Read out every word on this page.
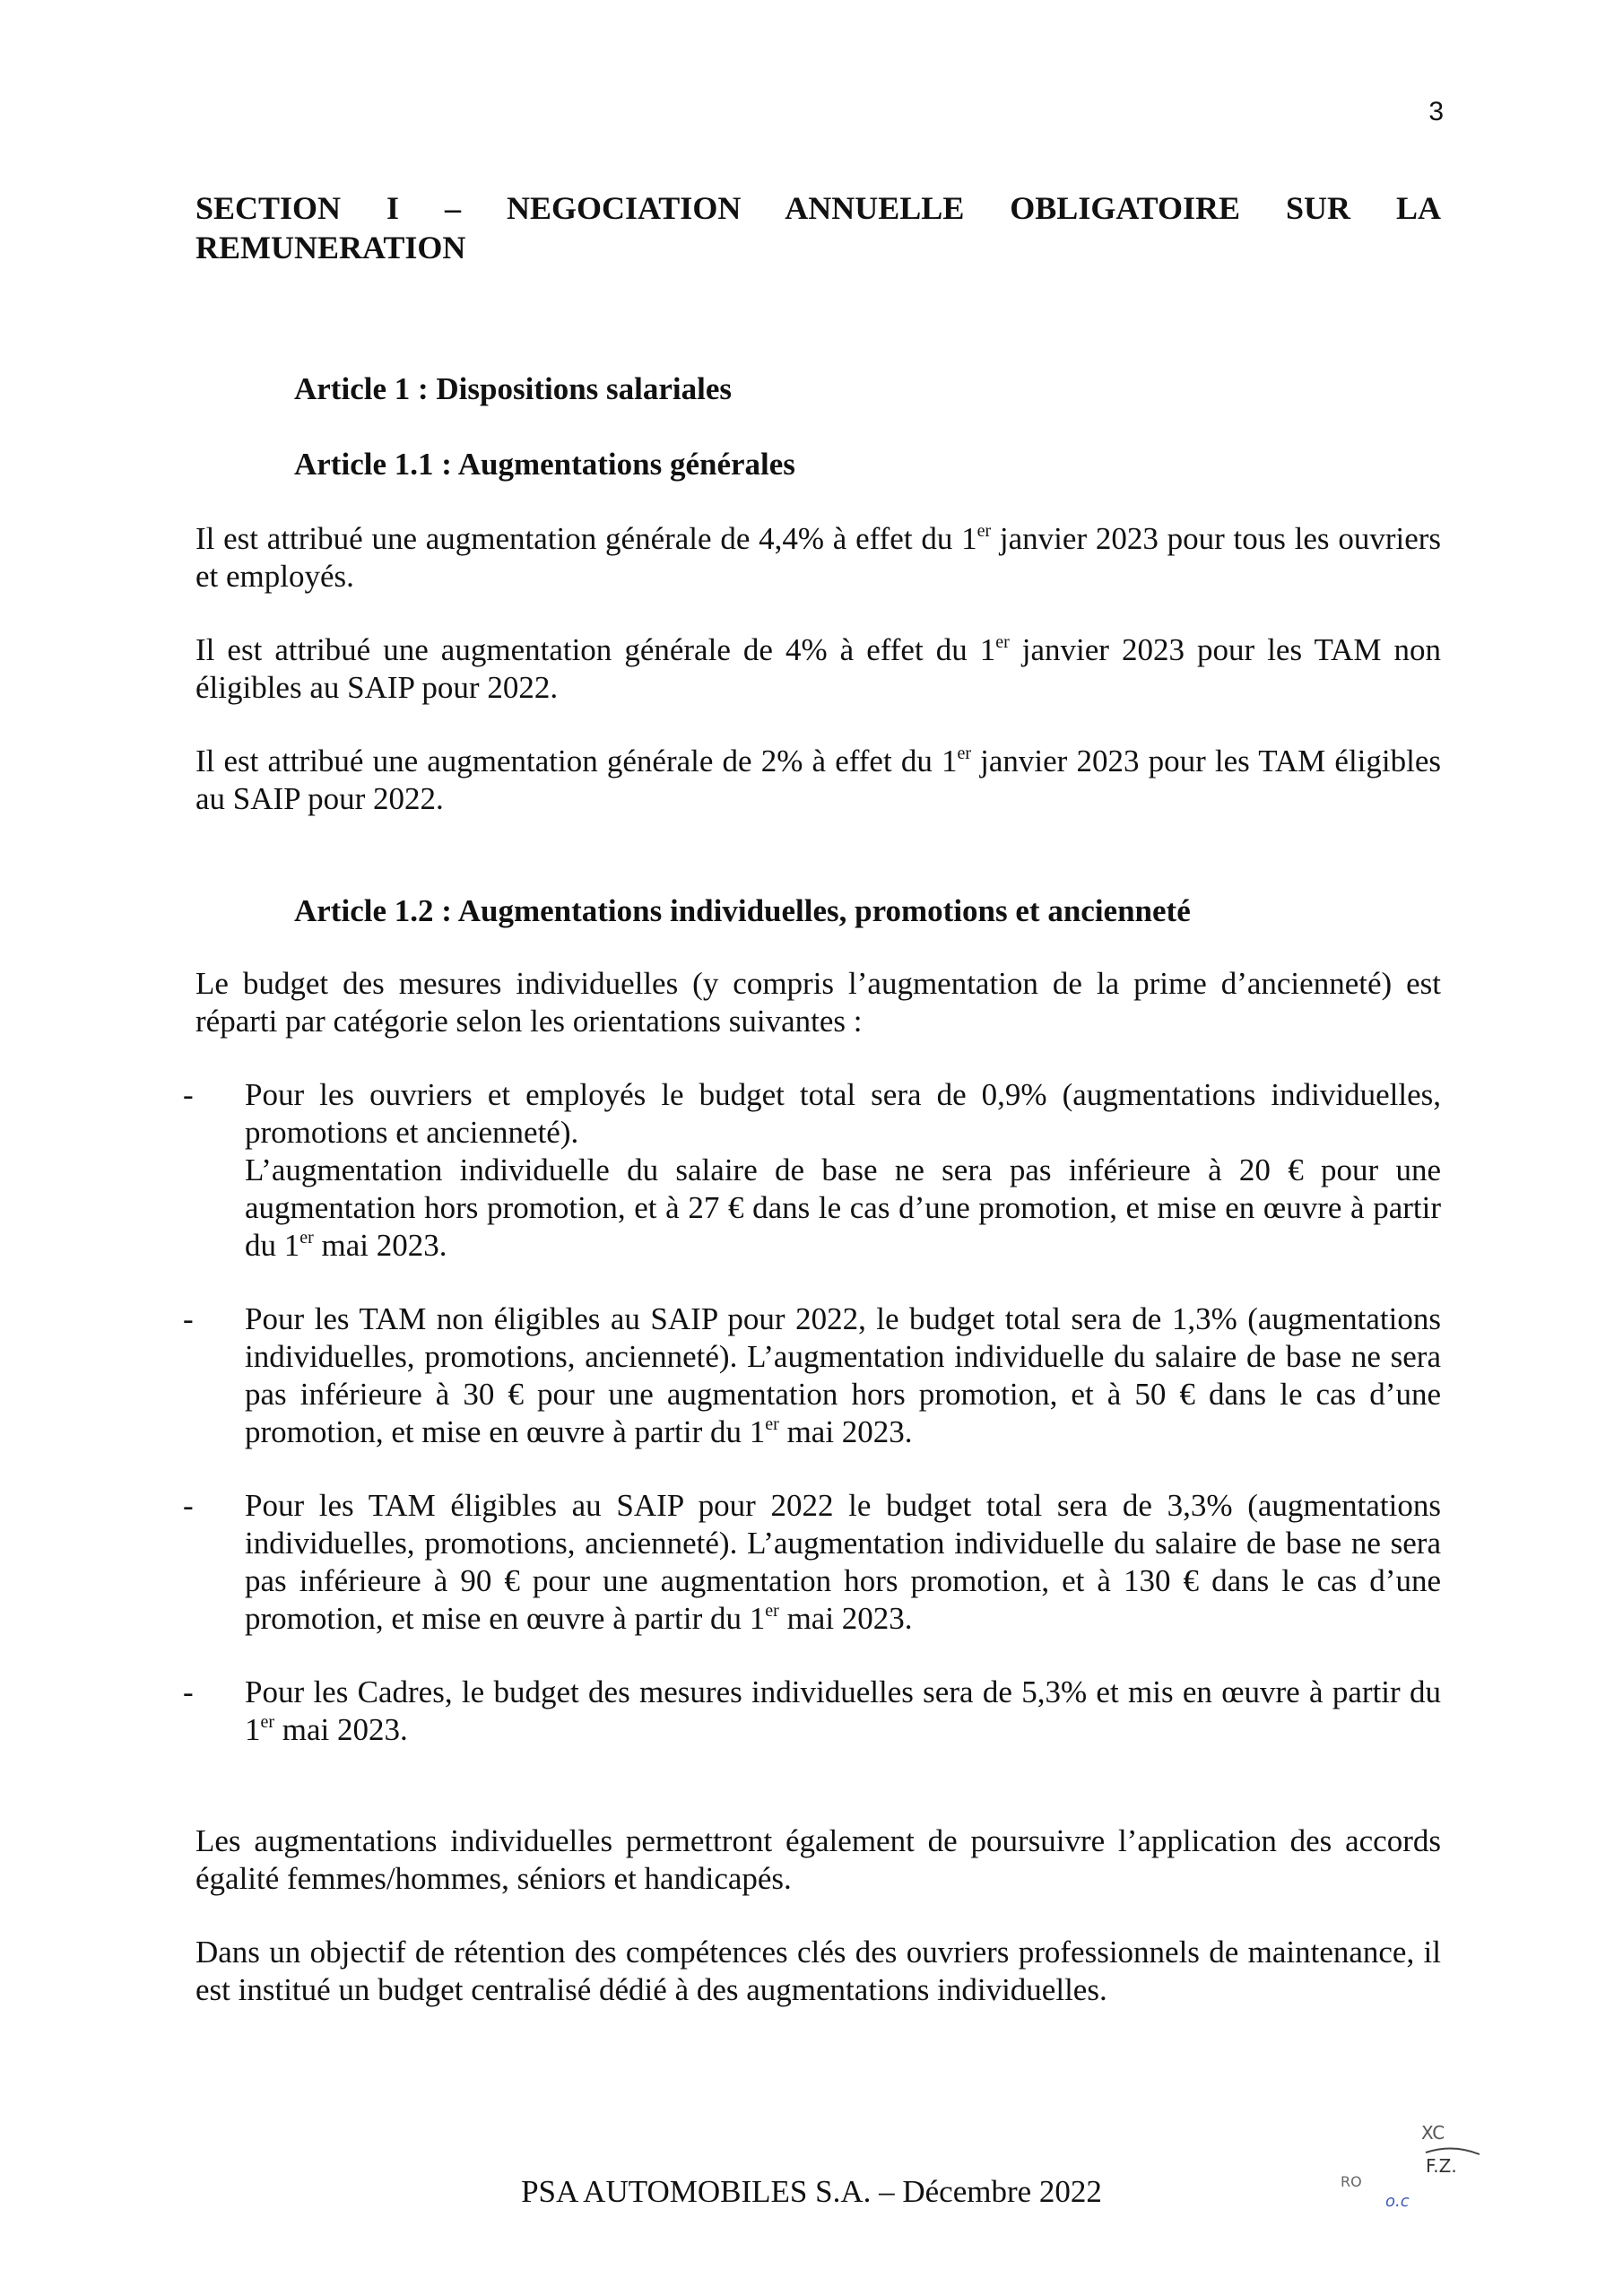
3
SECTION I – NEGOCIATION ANNUELLE OBLIGATOIRE SUR LA
REMUNERATION
Article 1 : Dispositions salariales
Article 1.1 : Augmentations générales

Il est attribué une augmentation générale de 4,4% à effet du 1er janvier 2023 pour tous les ouvriers et employés.

Il est attribué une augmentation générale de 4% à effet du 1er janvier 2023 pour les TAM non éligibles au SAIP pour 2022.

Il est attribué une augmentation générale de 2% à effet du 1er janvier 2023 pour les TAM éligibles au SAIP pour 2022.

Article 1.2 : Augmentations individuelles, promotions et ancienneté

Le budget des mesures individuelles (y compris l’augmentation de la prime d’ancienneté) est réparti par catégorie selon les orientations suivantes :

- Pour les ouvriers et employés le budget total sera de 0,9% (augmentations individuelles, promotions et ancienneté).
L’augmentation individuelle du salaire de base ne sera pas inférieure à 20 € pour une augmentation hors promotion, et à 27 € dans le cas d’une promotion, et mise en œuvre à partir du 1er mai 2023.
- Pour les TAM non éligibles au SAIP pour 2022, le budget total sera de 1,3% (augmentations individuelles, promotions, ancienneté). L’augmentation individuelle du salaire de base ne sera pas inférieure à 30 € pour une augmentation hors promotion, et à 50 € dans le cas d’une promotion, et mise en œuvre à partir du 1er mai 2023.
- Pour les TAM éligibles au SAIP pour 2022 le budget total sera de 3,3% (augmentations individuelles, promotions, ancienneté). L’augmentation individuelle du salaire de base ne sera pas inférieure à 90 € pour une augmentation hors promotion, et à 130 € dans le cas d’une promotion, et mise en œuvre à partir du 1er mai 2023.
- Pour les Cadres, le budget des mesures individuelles sera de 5,3% et mis en œuvre à partir du 1er mai 2023.

Les augmentations individuelles permettront également de poursuivre l’application des accords égalité femmes/hommes, séniors et handicapés.

Dans un objectif de rétention des compétences clés des ouvriers professionnels de maintenance, il est institué un budget centralisé dédié à des augmentations individuelles.

PSA AUTOMOBILES S.A. – Décembre 2022
XC
F.Z.
RO
o.c
